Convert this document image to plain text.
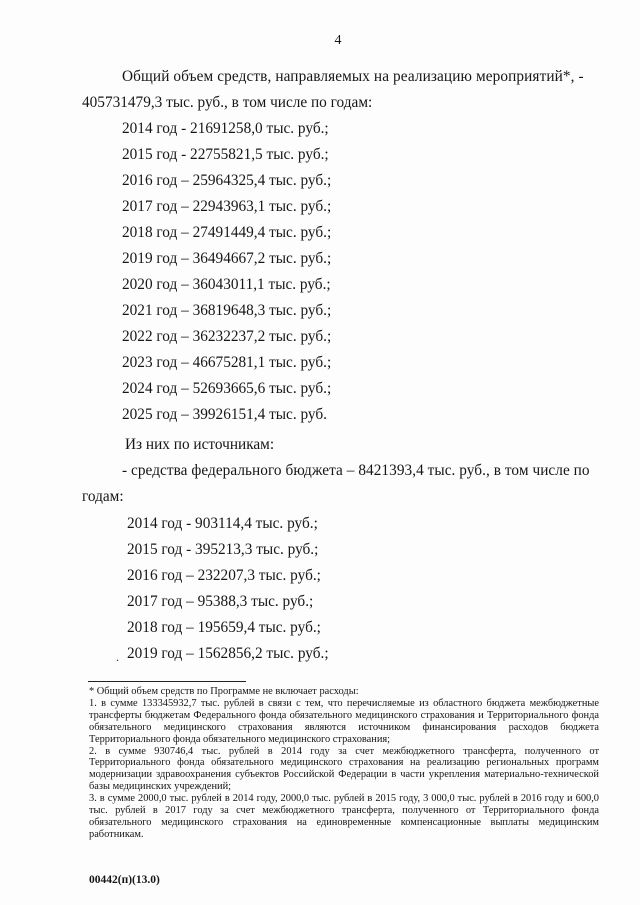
4
Общий объем средств, направляемых на реализацию мероприятий*, -
405731479,3 тыс. руб., в том числе по годам:
2014 год - 21691258,0 тыс. руб.;
2015 год - 22755821,5 тыс. руб.;
2016 год – 25964325,4 тыс. руб.;
2017 год – 22943963,1 тыс. руб.;
2018 год – 27491449,4 тыс. руб.;
2019 год – 36494667,2 тыс. руб.;
2020 год – 36043011,1 тыс. руб.;
2021 год – 36819648,3 тыс. руб.;
2022 год – 36232237,2 тыс. руб.;
2023 год – 46675281,1 тыс. руб.;
2024 год – 52693665,6 тыс. руб.;
2025 год – 39926151,4 тыс. руб.
Из них по источникам:
- средства федерального бюджета – 8421393,4 тыс. руб., в том числе по
годам:
2014 год - 903114,4 тыс. руб.;
2015 год - 395213,3 тыс. руб.;
2016 год – 232207,3 тыс. руб.;
2017 год – 95388,3 тыс. руб.;
2018 год – 195659,4 тыс. руб.;
2019 год – 1562856,2 тыс. руб.;
.

* Общий объем средств по Программе не включает расходы:

1. в сумме 133345932,7 тыс. рублей в связи с тем, что перечисляемые из областного бюджета межбюджетные трансферты бюджетам Федерального фонда обязательного медицинского страхования и Территориального фонда обязательного медицинского страхования являются источником финансирования расходов бюджета Территориального фонда обязательного медицинского страхования;

2. в сумме 930746,4 тыс. рублей в 2014 году за счет межбюджетного трансферта, полученного от Территориального фонда обязательного медицинского страхования на реализацию региональных программ модернизации здравоохранения субъектов Российской Федерации в части укрепления материально-технической базы медицинских учреждений;

3. в сумме 2000,0 тыс. рублей в 2014 году, 2000,0 тыс. рублей в 2015 году, 3 000,0 тыс. рублей в 2016 году и 600,0 тыс. рублей в 2017 году за счет межбюджетного трансферта, полученного от Территориального фонда обязательного медицинского страхования на единовременные компенсационные выплаты медицинским работникам.

00442(п)(13.0)
